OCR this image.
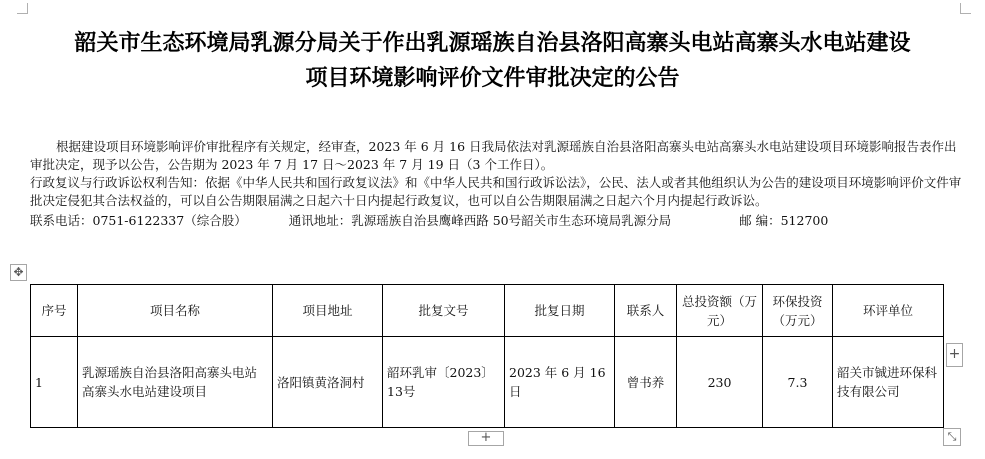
韶关市生态环境局乳源分局关于作出乳源瑶族自治县洛阳高寨头电站高寨头水电站建设
项目环境影响评价文件审批决定的公告

根据建设项目环境影响评价审批程序有关规定，经审查，2023 年 6 月 16 日我局依法对乳源瑶族自治县洛阳高寨头电站高寨头水电站建设项目环境影响报告表作出审批决定，现予以公告，公告期为 2023 年 7 月 17 日～2023 年 7 月 19 日（3 个工作日）。

行政复议与行政诉讼权利告知：依据《中华人民共和国行政复议法》和《中华人民共和国行政诉讼法》，公民、法人或者其他组织认为公告的建设项目环境影响评价文件审批决定侵犯其合法权益的，可以自公告期限届满之日起六十日内提起行政复议，也可以自公告期限届满之日起六个月内提起行政诉讼。

联系电话：0751-6122337（综合股）	通讯地址：乳源瑶族自治县鹰峰西路 50号韶关市生态环境局乳源分局	邮 编：512700
✥
序号	项目名称	项目地址	批复文号	批复日期	联系人	总投资额（万元）	环保投资（万元）	环评单位
1	乳源瑶族自治县洛阳高寨头电站高寨头水电站建设项目	洛阳镇黄洛洞村	韶环乳审〔2023〕13号	2023 年 6 月 16 日	曾书养	230	7.3	韶关市铖进环保科技有限公司
+
+	⤡
